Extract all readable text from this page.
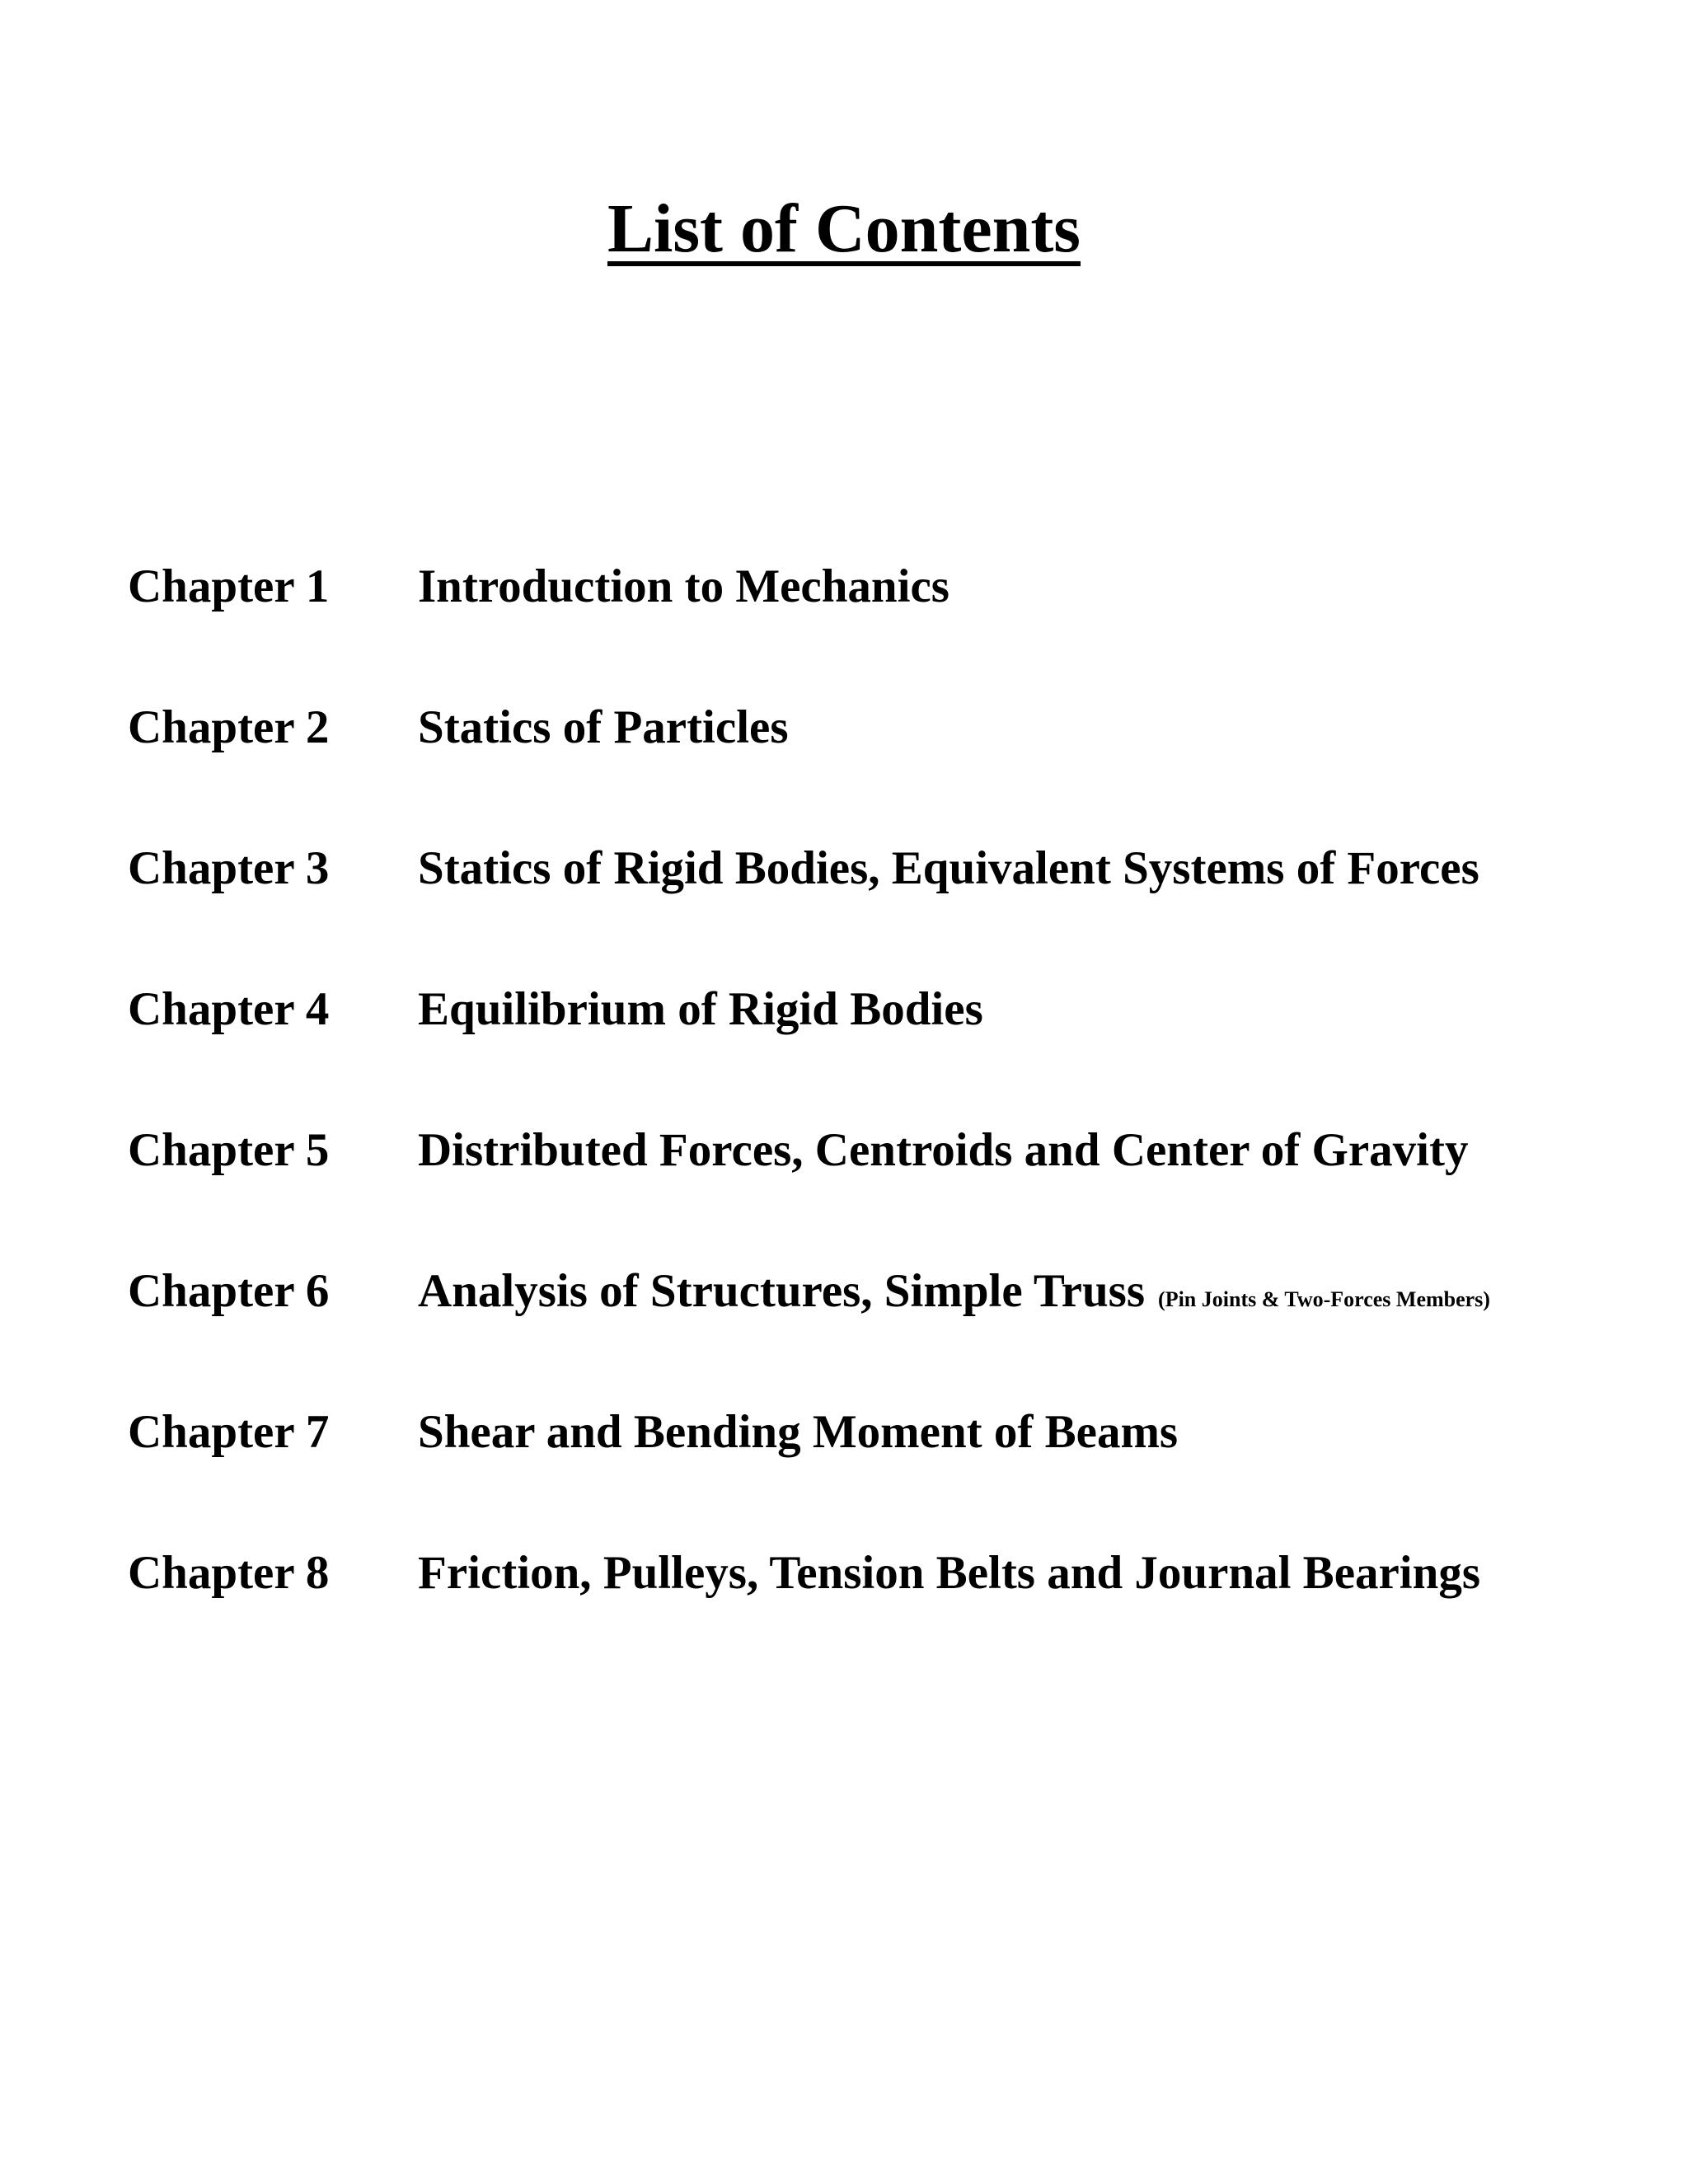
List of Contents
Chapter 1	Introduction to Mechanics
Chapter 2	Statics of Particles
Chapter 3	Statics of Rigid Bodies, Equivalent Systems of Forces
Chapter 4	Equilibrium of Rigid Bodies
Chapter 5	Distributed Forces, Centroids and Center of Gravity
Chapter 6	Analysis of Structures, Simple Truss (Pin Joints & Two-Forces Members)
Chapter 7	Shear and Bending Moment of Beams
Chapter 8	Friction, Pulleys, Tension Belts and Journal Bearings
